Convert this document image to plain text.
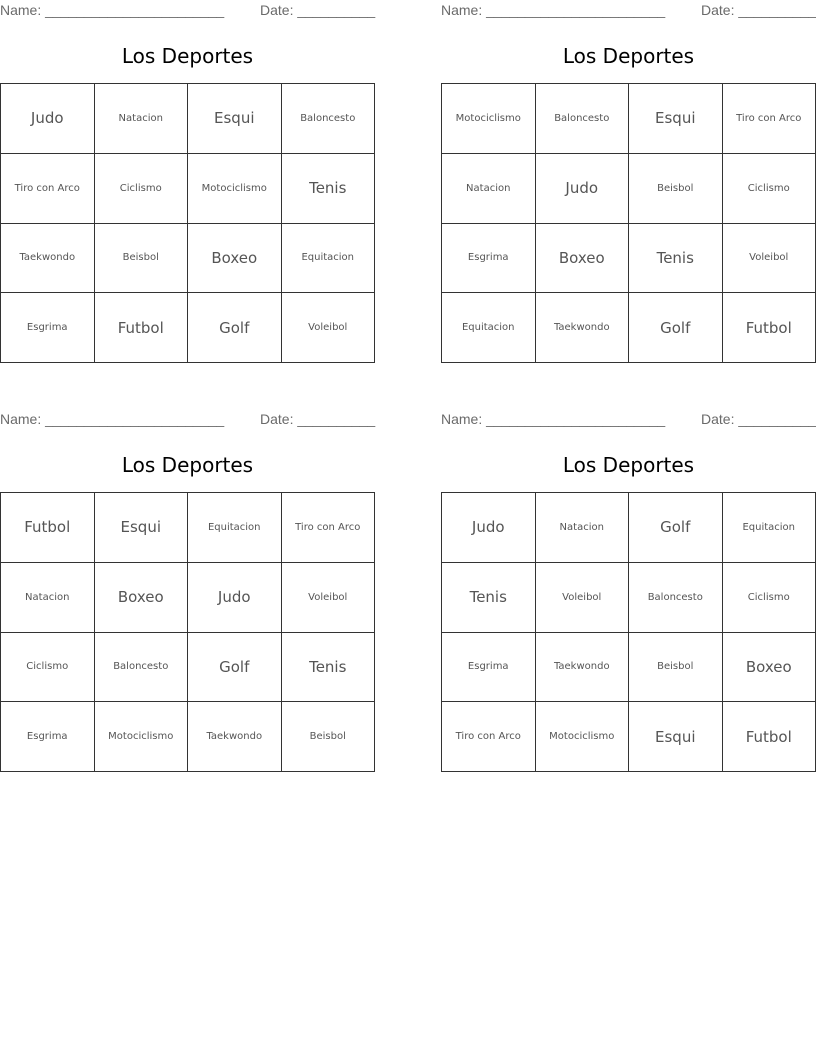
Name: _______________________	Date: __________
Los Deportes
Judo	Natacion	Esqui	Baloncesto
Tiro con Arco	Ciclismo	Motociclismo	Tenis
Taekwondo	Beisbol	Boxeo	Equitacion
Esgrima	Futbol	Golf	Voleibol
Name: _______________________	Date: __________
Los Deportes
Motociclismo	Baloncesto	Esqui	Tiro con Arco
Natacion	Judo	Beisbol	Ciclismo
Esgrima	Boxeo	Tenis	Voleibol
Equitacion	Taekwondo	Golf	Futbol
Name: _______________________	Date: __________
Los Deportes
Futbol	Esqui	Equitacion	Tiro con Arco
Natacion	Boxeo	Judo	Voleibol
Ciclismo	Baloncesto	Golf	Tenis
Esgrima	Motociclismo	Taekwondo	Beisbol
Name: _______________________	Date: __________
Los Deportes
Judo	Natacion	Golf	Equitacion
Tenis	Voleibol	Baloncesto	Ciclismo
Esgrima	Taekwondo	Beisbol	Boxeo
Tiro con Arco	Motociclismo	Esqui	Futbol
